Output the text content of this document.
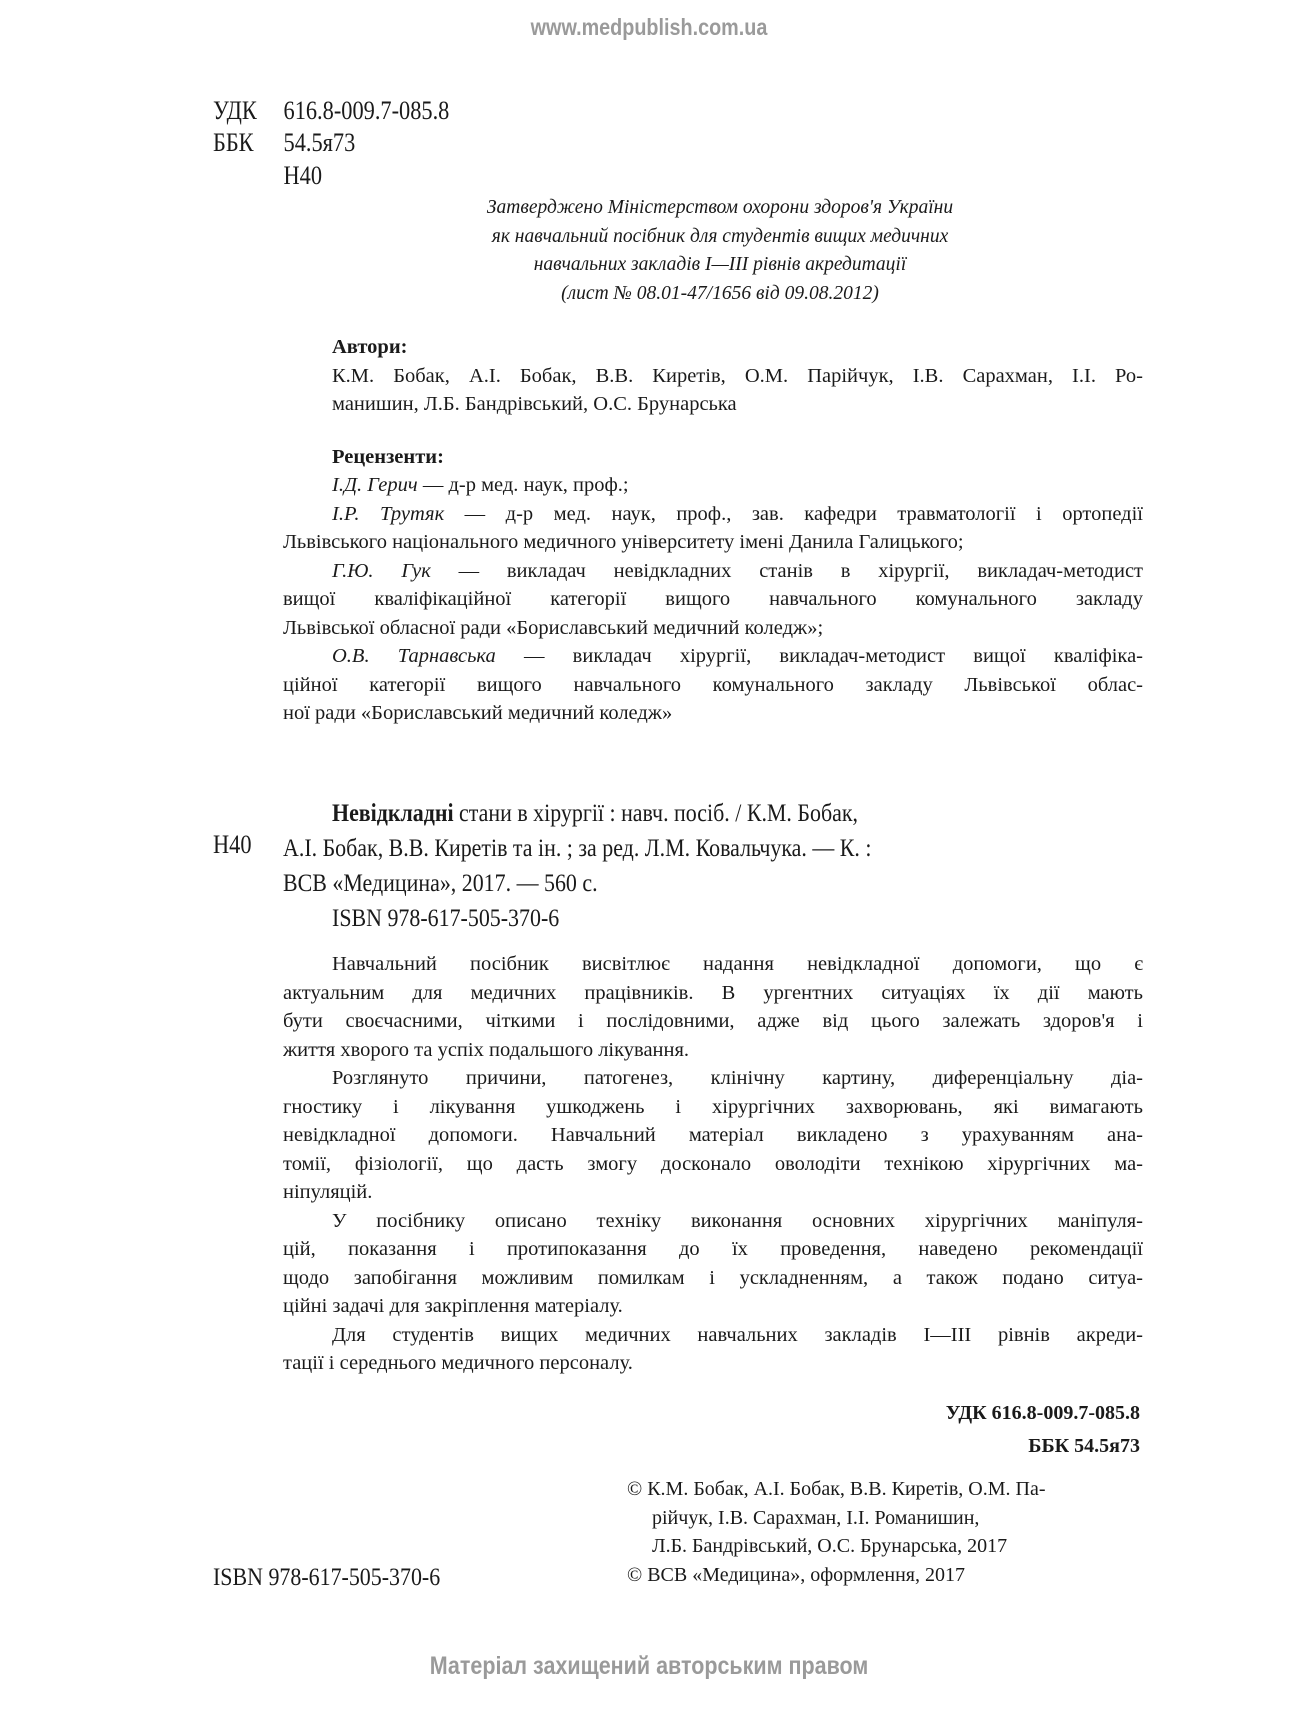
www.medpublish.com.ua
УДК 616.8-009.7-085.8
ББК 54.5я73
Н40
Затверджено Міністерством охорони здоров'я України
як навчальний посібник для студентів вищих медичних
навчальних закладів I—III рівнів акредитації
(лист № 08.01-47/1656 від 09.08.2012)
Автори:
К.М. Бобак, А.І. Бобак, В.В. Киретів, О.М. Парійчук, І.В. Сарахман, І.І. Ро-
манишин, Л.Б. Бандрівський, О.С. Брунарська
Рецензенти:
І.Д. Герич — д-р мед. наук, проф.;
І.Р. Трутяк — д-р мед. наук, проф., зав. кафедри травматології і ортопедії
Львівського національного медичного університету імені Данила Галицького;
Г.Ю. Гук — викладач невідкладних станів в хірургії, викладач-методист
вищої кваліфікаційної категорії вищого навчального комунального закладу
Львівської обласної ради «Бориславський медичний коледж»;
О.В. Тарнавська — викладач хірургії, викладач-методист вищої кваліфіка-
ційної категорії вищого навчального комунального закладу Львівської облас-
ної ради «Бориславський медичний коледж»
Невідкладні стани в хірургії : навч. посіб. / К.М. Бобак,
А.І. Бобак, В.В. Киретів та ін. ; за ред. Л.М. Ковальчука. — К. :
ВСВ «Медицина», 2017. — 560 с.
ISBN 978-617-505-370-6
Н40
Навчальний посібник висвітлює надання невідкладної допомоги, що є
актуальним для медичних працівників. В ургентних ситуаціях їх дії мають
бути своєчасними, чіткими і послідовними, адже від цього залежать здоров'я і
життя хворого та успіх подальшого лікування.
Розглянуто причини, патогенез, клінічну картину, диференціальну діа-
гностику і лікування ушкоджень і хірургічних захворювань, які вимагають
невідкладної допомоги. Навчальний матеріал викладено з урахуванням ана-
томії, фізіології, що дасть змогу досконало оволодіти технікою хірургічних ма-
ніпуляцій.
У посібнику описано техніку виконання основних хірургічних маніпуля-
цій, показання і протипоказання до їх проведення, наведено рекомендації
щодо запобігання можливим помилкам і ускладненням, а також подано ситуа-
ційні задачі для закріплення матеріалу.
Для студентів вищих медичних навчальних закладів I—III рівнів акреди-
тації і середнього медичного персоналу.
УДК 616.8-009.7-085.8
ББК 54.5я73
© К.М. Бобак, А.І. Бобак, В.В. Киретів, О.М. Па-
рійчук, І.В. Сарахман, І.І. Романишин,
Л.Б. Бандрівський, О.С. Брунарська, 2017
© ВСВ «Медицина», оформлення, 2017
ISBN 978-617-505-370-6
Матеріал захищений авторським правом
